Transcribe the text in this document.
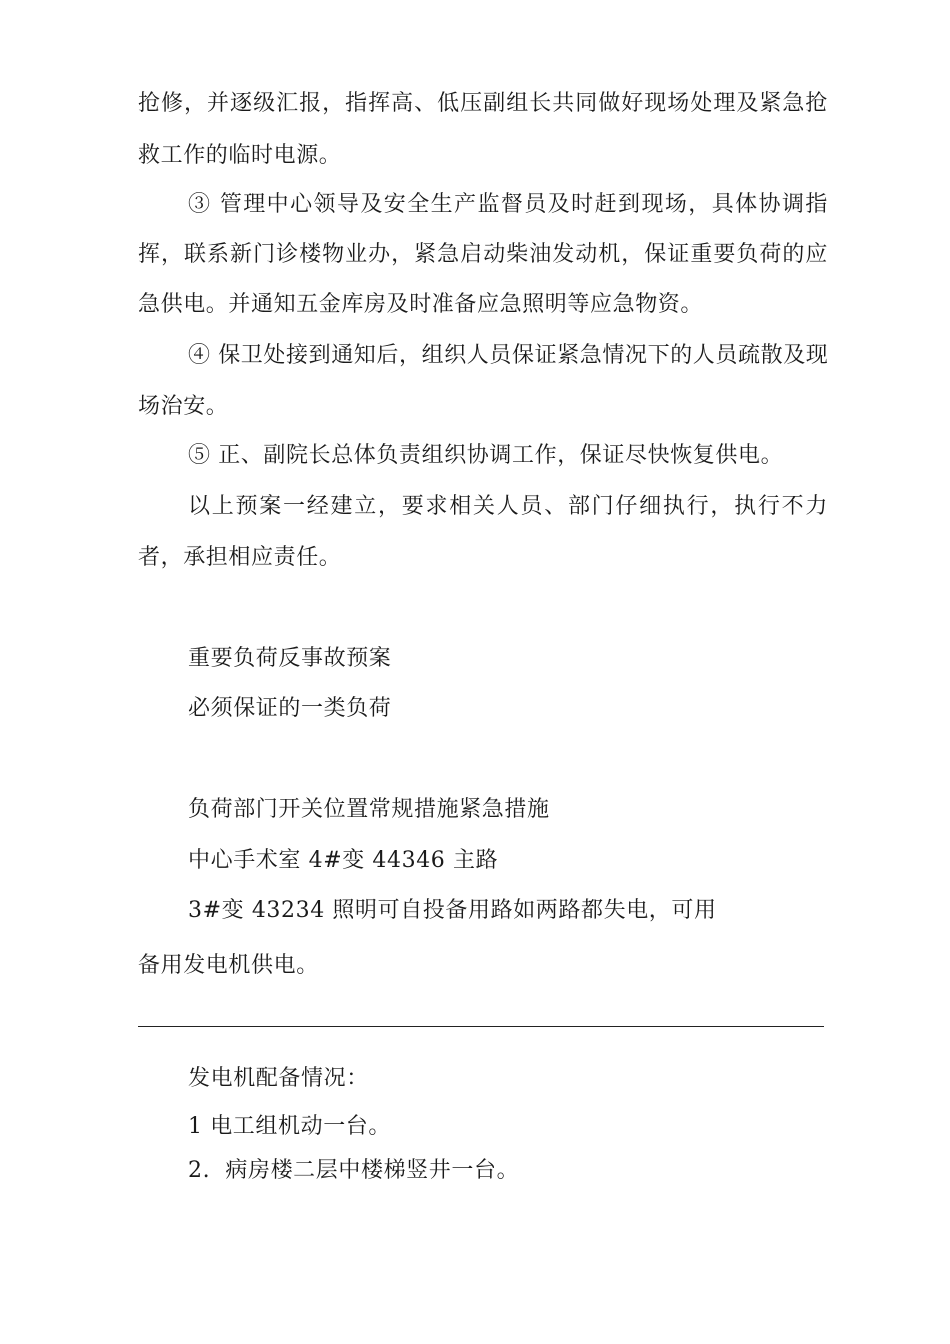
抢修，并逐级汇报，指挥高、低压副组长共同做好现场处理及紧急抢
救工作的临时电源。
③ 管理中心领导及安全生产监督员及时赶到现场，具体协调指
挥，联系新门诊楼物业办，紧急启动柴油发动机，保证重要负荷的应
急供电。并通知五金库房及时准备应急照明等应急物资。
④ 保卫处接到通知后，组织人员保证紧急情况下的人员疏散及现
场治安。
⑤ 正、副院长总体负责组织协调工作，保证尽快恢复供电。
以上预案一经建立，要求相关人员、部门仔细执行，执行不力
者，承担相应责任。
重要负荷反事故预案
必须保证的一类负荷
负荷部门开关位置常规措施紧急措施
中心手术室 4#变 44346 主路
3#变 43234 照明可自投备用路如两路都失电，可用
备用发电机供电。
发电机配备情况：
1 电工组机动一台。
2.  病房楼二层中楼梯竖井一台。
